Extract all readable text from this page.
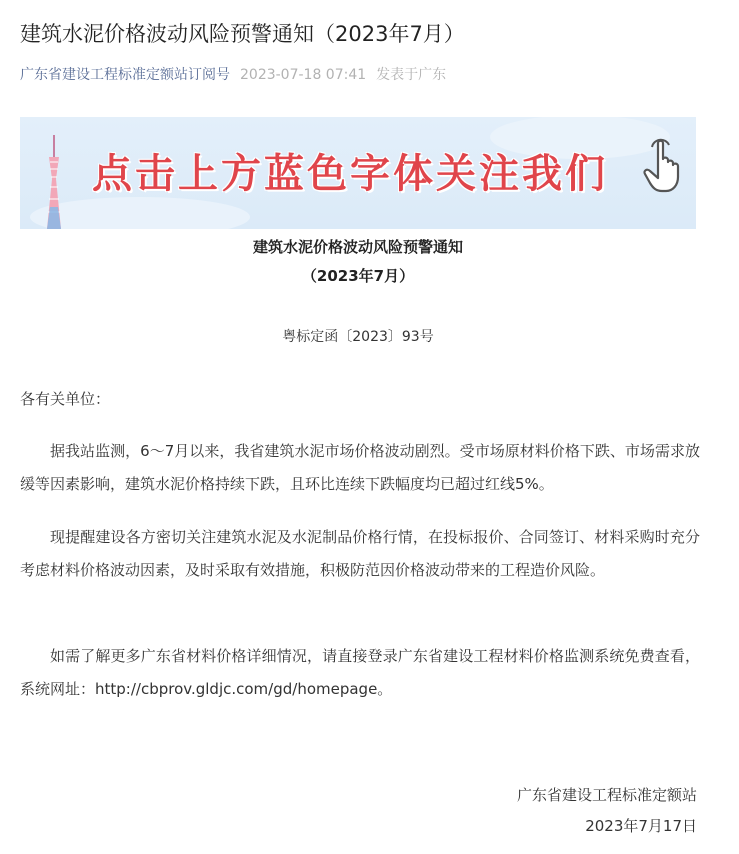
建筑水泥价格波动风险预警通知（2023年7月）
广东省建设工程标准定额站订阅号 2023-07-18 07:41 发表于广东
点击上方蓝色字体关注我们
建筑水泥价格波动风险预警通知
（2023年7月）
粤标定函〔2023〕93号
各有关单位：
据我站监测，6～7月以来，我省建筑水泥市场价格波动剧烈。受市场原材料价格下跌、市场需求放缓等因素影响，建筑水泥价格持续下跌，且环比连续下跌幅度均已超过红线5%。
现提醒建设各方密切关注建筑水泥及水泥制品价格行情，在投标报价、合同签订、材料采购时充分考虑材料价格波动因素，及时采取有效措施，积极防范因价格波动带来的工程造价风险。
如需了解更多广东省材料价格详细情况，请直接登录广东省建设工程材料价格监测系统免费查看，系统网址：http://cbprov.gldjc.com/gd/homepage。
广东省建设工程标准定额站
2023年7月17日
